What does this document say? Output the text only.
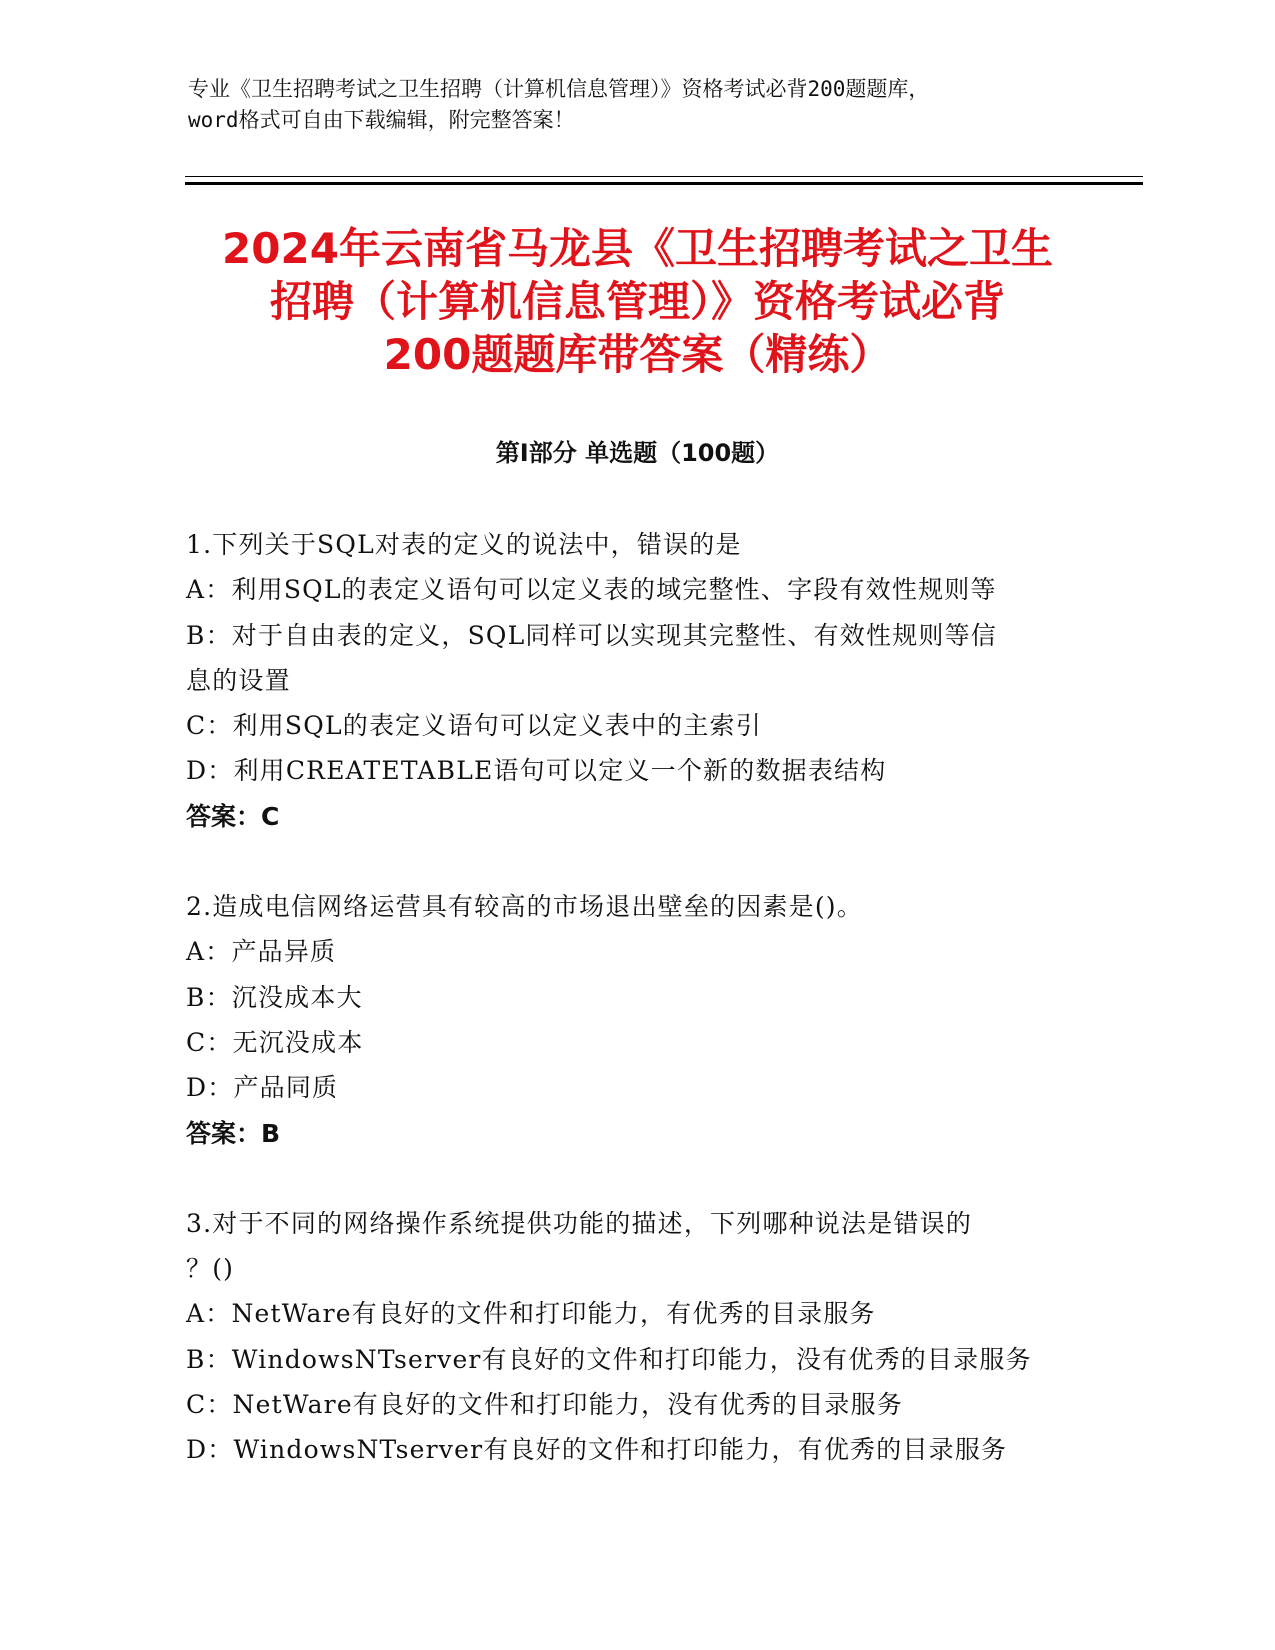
专业《卫生招聘考试之卫生招聘（计算机信息管理）》资格考试必背200题题库，
word格式可自由下载编辑，附完整答案！
2024年云南省马龙县《卫生招聘考试之卫生
招聘（计算机信息管理）》资格考试必背
200题题库带答案（精练）
第Ⅰ部分 单选题（100题）
1.下列关于SQL对表的定义的说法中，错误的是
A：利用SQL的表定义语句可以定义表的域完整性、字段有效性规则等
B：对于自由表的定义，SQL同样可以实现其完整性、有效性规则等信
息的设置
C：利用SQL的表定义语句可以定义表中的主索引
D：利用CREATETABLE语句可以定义一个新的数据表结构
答案：C
2.造成电信网络运营具有较高的市场退出壁垒的因素是()。
A：产品异质
B：沉没成本大
C：无沉没成本
D：产品同质
答案：B
3.对于不同的网络操作系统提供功能的描述，下列哪种说法是错误的
？()
A：NetWare有良好的文件和打印能力，有优秀的目录服务
B：WindowsNTserver有良好的文件和打印能力，没有优秀的目录服务
C：NetWare有良好的文件和打印能力，没有优秀的目录服务
D：WindowsNTserver有良好的文件和打印能力，有优秀的目录服务
